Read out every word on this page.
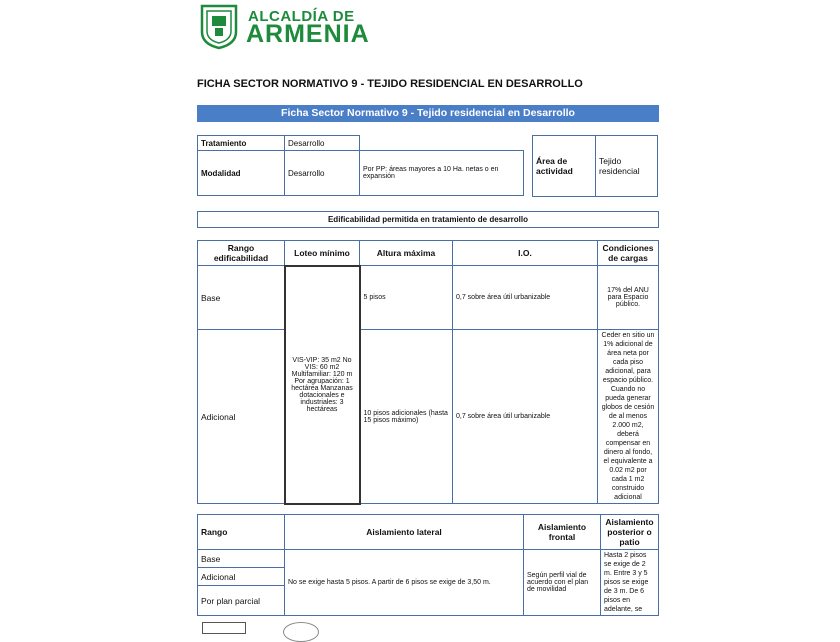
ALCALDÍA DE
ARMENIA
FICHA SECTOR NORMATIVO 9 - TEJIDO RESIDENCIAL EN DESARROLLO
Ficha Sector Normativo 9 - Tejido residencial en Desarrollo
Tratamiento	Desarrollo	
Modalidad	Desarrollo	Por PP: áreas mayores a 10 Ha. netas o en expansión
Área de actividad	Tejido residencial
Edificabilidad permitida en tratamiento de desarrollo
Rango edificabilidad	Loteo mínimo	Altura máxima	I.O.	Condiciones de cargas
Base	VIS-VIP: 35 m2 No VIS: 60 m2 Multifamiliar: 120 m Por agrupación: 1 hectárea Manzanas dotacionales e industriales: 3 hectáreas	5 pisos	0,7 sobre área útil urbanizable	17% del ANU para Espacio público.
Adicional		10 pisos adicionales (hasta 15 pisos máximo)	0,7 sobre área útil urbanizable	Ceder en sitio un 1% adicional de área neta por cada piso adicional, para espacio público. Cuando no pueda generar globos de cesión de al menos 2.000 m2, deberá compensar en dinero al fondo, el equivalente a 0.02 m2 por cada 1 m2 construido adicional
Rango	Aislamiento lateral	Aislamiento frontal	Aislamiento posterior o patio
Base	No se exige hasta 5 pisos. A partir de 6 pisos se exige de 3,50 m.	Según perfil vial de acuerdo con el plan de movilidad	Hasta 2 pisos se exige de 2 m. Entre 3 y 5 pisos se exige de 3 m. De 6 pisos en adelante, se
Adicional			
Por plan parcial			
